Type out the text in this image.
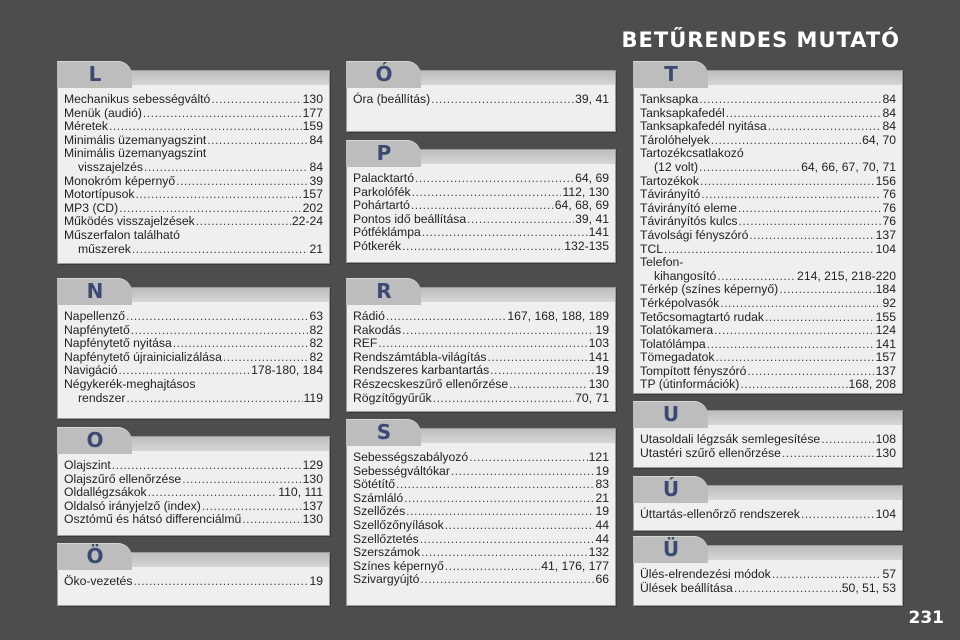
BETŰRENDES MUTATÓ
L
Mechanikus sebességváltó .....	130
Menük (audió) .....	177
Méretek .....	159
Minimális üzemanyagszint .....	84
Minimális üzemanyagszint
visszajelzés .....	84
Monokróm képernyő .....	39
Motortípusok .....	157
MP3 (CD) .....	202
Működés visszajelzések .....	22-24
Műszerfalon található
műszerek .....	21
N
Napellenző .....	63
Napfénytető .....	82
Napfénytető nyitása .....	82
Napfénytető újrainicializálása .....	82
Navigáció .....	178-180, 184
Négykerék-meghajtásos
rendszer .....	119
O
Olajszint .....	129
Olajszűrő ellenőrzése .....	130
Oldallégzsákok .....	110, 111
Oldalsó irányjelző (index) .....	137
Osztómű és hátsó differenciálmű .....	130
Ö
Öko-vezetés .....	19
Ó
Óra (beállítás) .....	39, 41
P
Palacktartó .....	64, 69
Parkolófék .....	112, 130
Pohártartó .....	64, 68, 69
Pontos idő beállítása .....	39, 41
Pótféklámpa .....	141
Pótkerék .....	132-135
R
Rádió .....	167, 168, 188, 189
Rakodás .....	19
REF .....	103
Rendszámtábla-világítás .....	141
Rendszeres karbantartás .....	19
Részecskeszűrő ellenőrzése .....	130
Rögzítőgyűrűk .....	70, 71
S
Sebességszabályozó .....	121
Sebességváltókar .....	19
Sötétítő .....	83
Számláló .....	21
Szellőzés .....	19
Szellőzőnyílások .....	44
Szellőztetés .....	44
Szerszámok .....	132
Színes képernyő .....	41, 176, 177
Szivargyújtó .....	66
T
Tanksapka .....	84
Tanksapkafedél .....	84
Tanksapkafedél nyitása .....	84
Tárolóhelyek .....	64, 70
Tartozékcsatlakozó
(12 volt) .....	64, 66, 67, 70, 71
Tartozékok .....	156
Távirányító .....	76
Távirányító eleme .....	76
Távirányítós kulcs .....	76
Távolsági fényszóró .....	137
TCL .....	104
Telefon-
kihangosító .....	214, 215, 218-220
Térkép (színes képernyő) .....	184
Térképolvasók .....	92
Tetőcsomagtartó rudak .....	155
Tolatókamera .....	124
Tolatólámpa .....	141
Tömegadatok .....	157
Tompított fényszóró .....	137
TP (útinformációk) .....	168, 208
U
Utasoldali légzsák semlegesítése .....	108
Utastéri szűrő ellenőrzése .....	130
Ú
Úttartás-ellenőrző rendszerek .....	104
Ü
Ülés-elrendezési módok .....	57
Ülések beállítása .....	50, 51, 53
231
